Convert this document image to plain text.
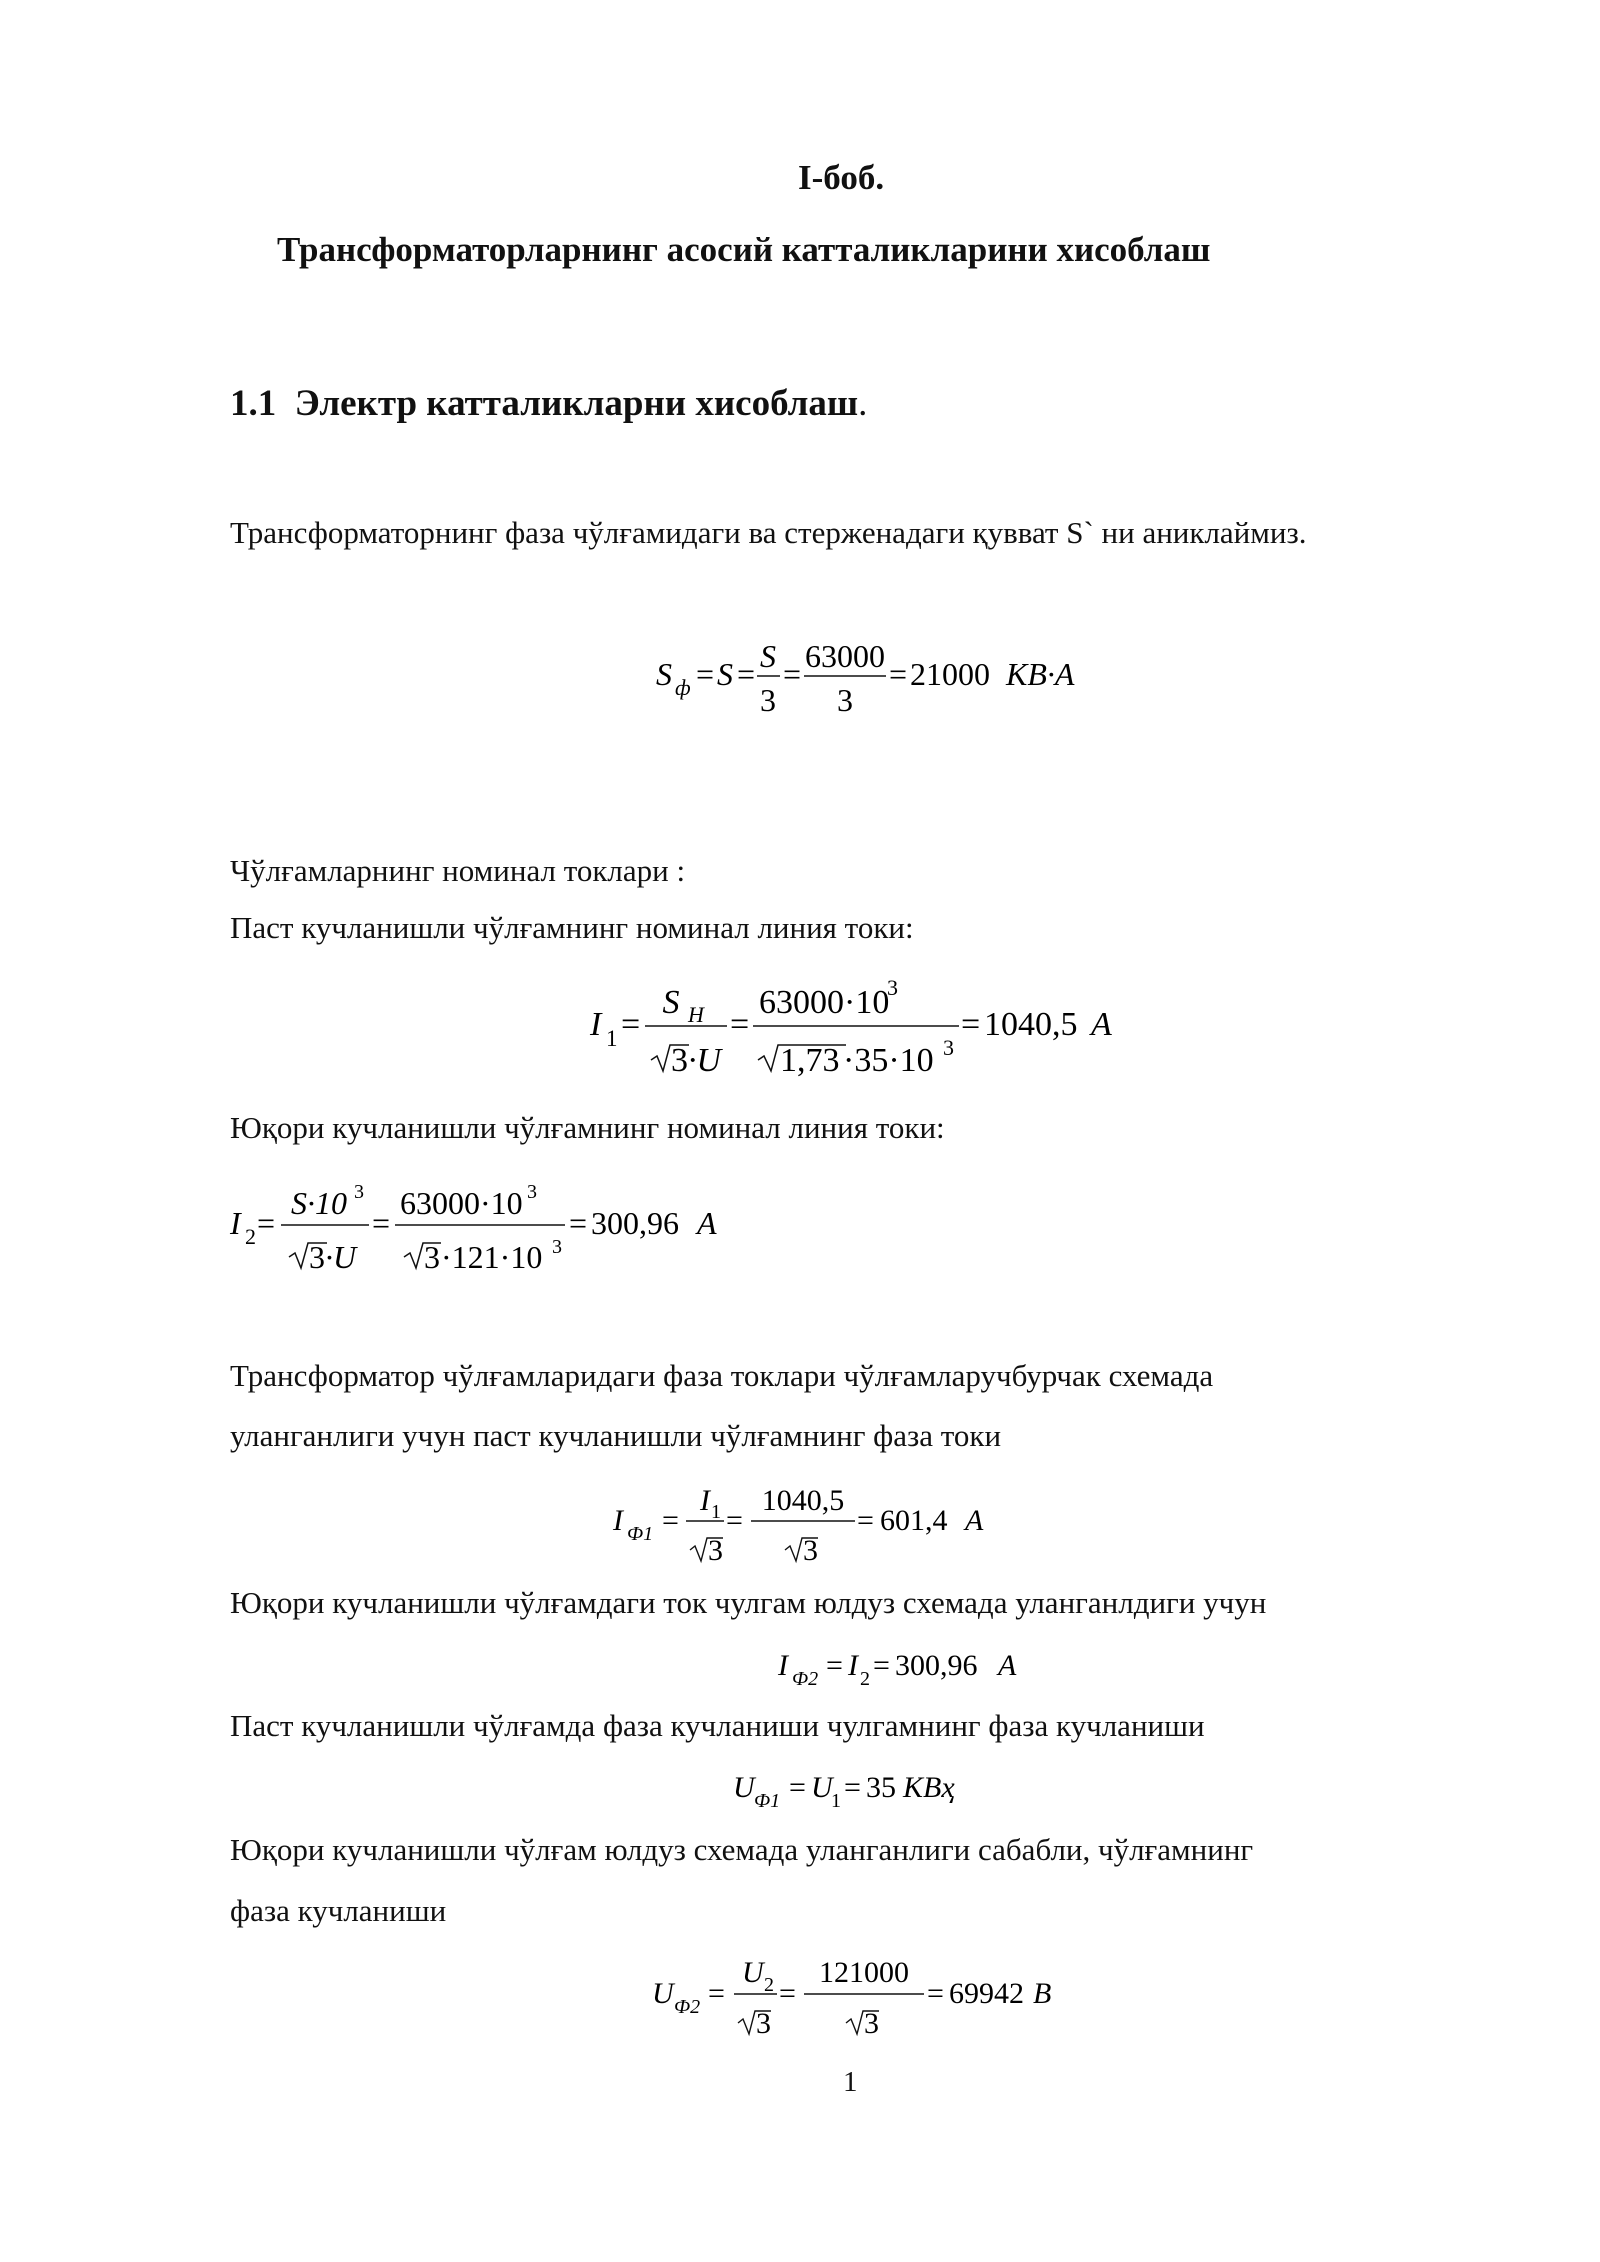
I-боб.
Трансформаторларнинг асосий катталикларини хисоблаш
1.1 Электр катталикларни хисоблаш.
Трансформаторнинг фаза чўлғамидаги ва стерженадаги қувват S` ни аниклаймиз.
S ф = S = S
3
= 63000
3
= 21000 KB·A
Чўлғамларнинг номинал токлари :
Паст кучланишли чўлғамнинг номинал линия токи:
I 1 =
S H
3 ·U
=
63000·10
3
1,73 ·35·10 3
= 1040,5 A
Юқори кучланишли чўлғамнинг номинал линия токи:
I 2 =
S·10 3
3 ·U
=
63000·10 3
3 ·121·10 3
= 300,96 A
Трансформатор чўлғамларидаги фаза токлари чўлғамларучбурчак схемада
уланганлиги учун паст кучланишли чўлғамнинг фаза токи
I Ф1 =
I 1
3
=
1040,5
3
= 601,4 A
Юқори кучланишли чўлғамдаги ток чулгам юлдуз схемада уланганлдиги учун
I Ф2 = I 2 = 300,96 A
Паст кучланишли чўлғамда фаза кучланиши чулгамнинг фаза кучланиши
U Ф1 = U
1 = 35 KBҳ
Юқори кучланишли чўлғам юлдуз схемада уланганлиги сабабли, чўлғамнинг
фаза кучланиши
U Ф2 =
U 2
3
=
121000
3
= 69942 B
1
